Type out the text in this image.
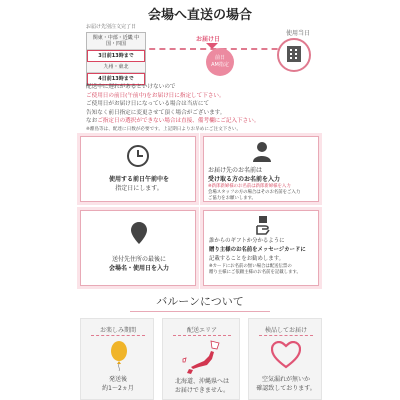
会場へ直送の場合
お届け先別注文完了日
関東・中部・近畿 中国・四国
3日前13時まで
九州・東北
4日前13時まで
お届け日
前日
AM指定
使用当日
配送中に遅れがあるといけないので
ご使用日の前日(午前中)をお届け日に指定して下さい。
ご使用日がお届け日になっている場合は当店にて
告知なく前日指定に変更させて頂く場合がございます。
なおご指定日の選択ができない場合は直接、備考欄にご記入下さい。
※離島等は、配達に日数が必要です。上記期日よりお早めにご注文下さい。
使用する前日午前中を
指定日にします。
お届け先のお名前は
受け取る方のお名前を入力
※新郎新婦様のお名前は新郎新婦様を入力
会場スタッフの方の場合はそのお名前をご入力
ご協力をお願いします。
送付先住所の最後に
会場名・使用日を入力
誰からのギフトか分かるように
贈り主様のお名前をメッセージカードに
記載することをお勧めします。
※カードにお名前の無い場合は配送伝票の
贈り主様にご依頼主様のお名前を記載します。
バルーンについて
お楽しみ期間
発送後
約1〜2ヵ月
配送エリア
北海道、沖縄県へは
お届けできません。
検品してお届け
空気漏れが無いか
確認致しております。
